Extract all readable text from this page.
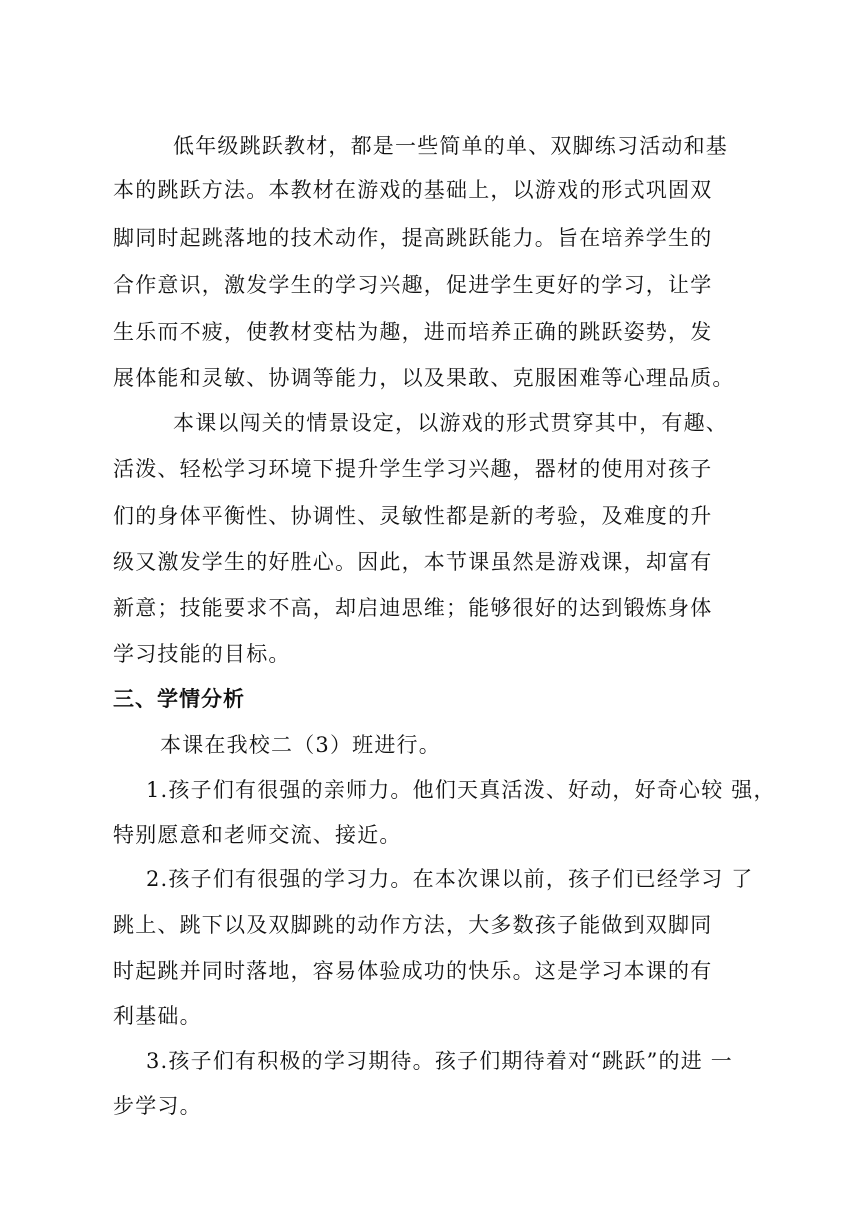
低年级跳跃教材，都是一些简单的单、双脚练习活动和基
本的跳跃方法。本教材在游戏的基础上，以游戏的形式巩固双
脚同时起跳落地的技术动作，提高跳跃能力。旨在培养学生的
合作意识，激发学生的学习兴趣，促进学生更好的学习，让学
生乐而不疲，使教材变枯为趣，进而培养正确的跳跃姿势，发
展体能和灵敏、协调等能力，以及果敢、克服困难等心理品质。
本课以闯关的情景设定，以游戏的形式贯穿其中，有趣、
活泼、轻松学习环境下提升学生学习兴趣，器材的使用对孩子
们的身体平衡性、协调性、灵敏性都是新的考验，及难度的升
级又激发学生的好胜心。因此，本节课虽然是游戏课，却富有
新意；技能要求不高，却启迪思维；能够很好的达到锻炼身体
学习技能的目标。
三、学情分析
本课在我校二（3）班进行。
1.孩子们有很强的亲师力。他们天真活泼、好动，好奇心较 强，
特别愿意和老师交流、接近。
2.孩子们有很强的学习力。在本次课以前，孩子们已经学习 了
跳上、跳下以及双脚跳的动作方法，大多数孩子能做到双脚同
时起跳并同时落地，容易体验成功的快乐。这是学习本课的有
利基础。
3.孩子们有积极的学习期待。孩子们期待着对“跳跃”的进 一
步学习。
